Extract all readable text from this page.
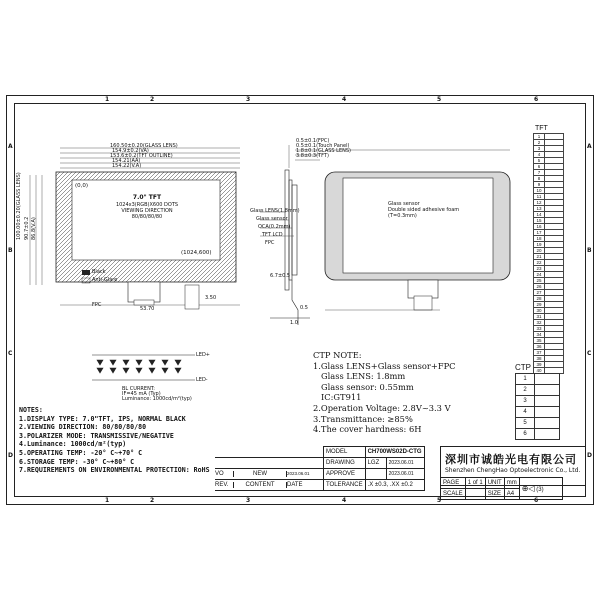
1	2	3	4	5	6
1	2	3	4	5	6
A
B
C
D
A
B
C
D
(0,0)
(1024,600)
7.0" TFT
1024x3(RGB)X600 DOTS
VIEWING DIRECTION
80/80/80/80
160.50±0.20(GLASS LENS)
154.9±0.2(VA)
153.6±0.2(TFT OUTLINE)
154.21(AA)
154.22(V.A)
100.00±0.20(GLASS LENS) 90.7±0.2 86.8(V.A)
Black
Anti-Glare
FPC
53.70
3.50
0.5±0.1(FPC)
0.5±0.1(Touch Panel)
1.8±0.1(GLASS LENS)
3.8±0.3(TFT)
Glass LENS(1.8mm)
Glass sensor
OCA(0.2mm)
TFT LCD
FPC
6.7±0.5
0.5
1.0
Glass sensor
Double sided adhesive foam
(T=0.3mm)
LED+
LED-
BL CURRENT:
IF=45 mA (Typ)
Luminance: 1000cd/m²(typ)
NOTES:
1.DISPLAY TYPE: 7.0"TFT, IPS, NORMAL BLACK
2.VIEWING DIRECTION: 80/80/80/80
3.POLARIZER MODE: TRANSMISSIVE/NEGATIVE
4.Luminance: 1000cd/m²(typ)
5.OPERATING TEMP: -20° C~+70° C
6.STORAGE TEMP: -30° C~+80° C
7.REQUIREMENTS ON ENVIRONMENTAL PROTECTION: RoHS
CTP NOTE:
1.Glass LENS+Glass sensor+FPC
Glass LENS: 1.8mm
Glass sensor: 0.55mm
IC:GT911
2.Operation Voltage: 2.8V~3.3 V
3.Transmittance: ≥85%
4.The cover hardness: 6H
TFT
1	
2	
3	
4	
5	
6	
7	
8	
9	
10	
11	
12	
13	
14	
15	
16	
17	
18	
19	
20	
21	
22	
23	
24	
25	
26	
27	
28	
29	
30	
31	
32	
33	
34	
35	
36	
37	
38	
39	
40	
CTP
1	
2	
3	
4	
5	
6	
	MODEL	CH700WS02D-CTG	
	DRAWING	LGZ	2023.06.01
VO NEW 2023.06.01	APPROVE		2023.06.01
REV. CONTENT DATE	TOLERANCE	.X ±0.3, .XX ±0.2	
深圳市诚皓光电有限公司
Shenzhen ChengHao Optoelectronic Co., Ltd.
PAGE	1 of 1	UNIT	mm	⊕◁ (3)
SCALE		SIZE	A4	
